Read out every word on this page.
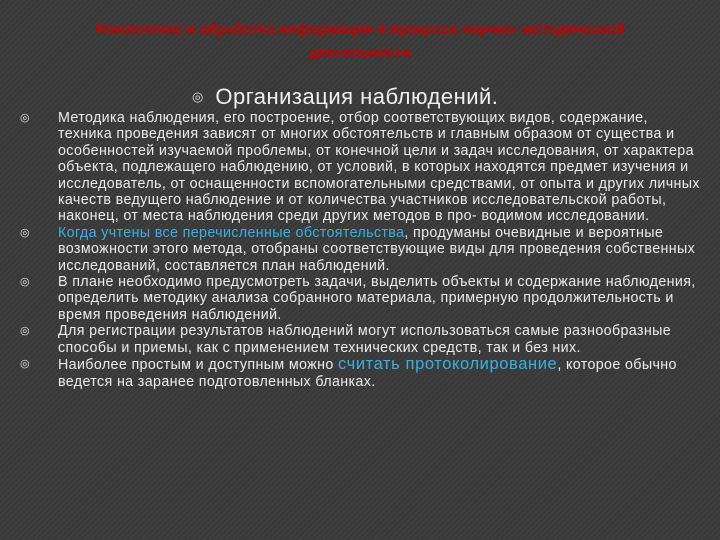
Накопление и обработка информации в процессе научно- методической
деятельности
◎ Организация наблюдений.
◎	Методика наблюдения, его построение, отбор соответствующих видов, содержание, техника проведения зависят от многих обстоятельств и главным образом от существа и особенностей изучаемой проблемы, от конечной цели и задач исследования, от характера объекта, подлежащего наблюдению, от условий, в которых находятся предмет изучения и исследователь, от оснащенности вспомогательными средствами, от опыта и других личных качеств ведущего наблюдение и от количества участников исследовательской работы, наконец, от места наблюдения среди других методов в про- водимом исследовании.
◎	Когда учтены все перечисленные обстоятельства, продуманы очевидные и вероятные возможности этого метода, отобраны соответствующие виды для проведения собственных исследований, составляется план наблюдений.
◎	В плане необходимо предусмотреть задачи, выделить объекты и содержание наблюдения, определить методику анализа собранного материала, примерную продолжительность и время проведения наблюдений.
◎	Для регистрации результатов наблюдений могут использоваться самые разнообразные способы и приемы, как с применением технических средств, так и без них.
◎	Наиболее простым и доступным можно считать протоколирование, которое обычно ведется на заранее подготовленных бланках.
